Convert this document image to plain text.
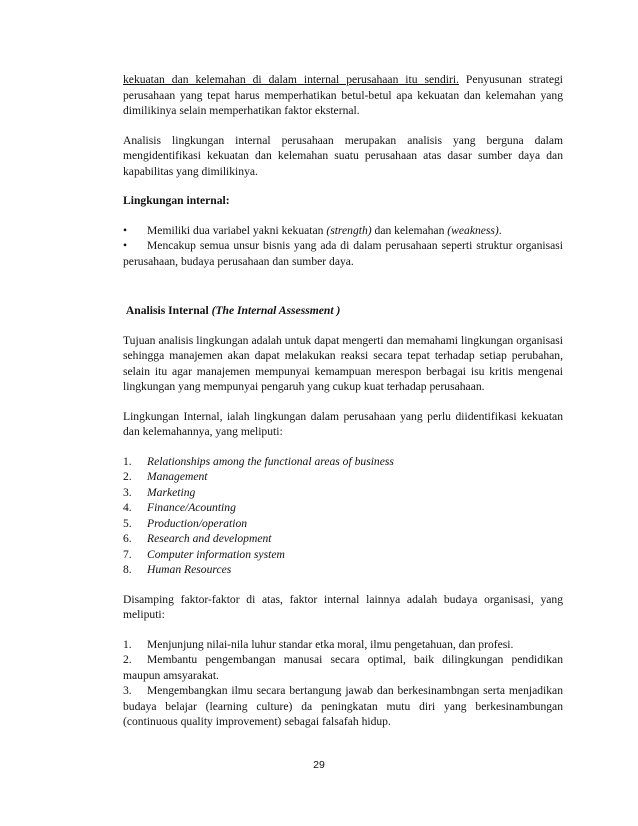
kekuatan dan kelemahan di dalam internal perusahaan itu sendiri. Penyusunan strategi perusahaan yang tepat harus memperhatikan betul-betul apa kekuatan dan kelemahan yang dimilikinya selain memperhatikan faktor eksternal.

Analisis lingkungan internal perusahaan merupakan analisis yang berguna dalam mengidentifikasi kekuatan dan kelemahan suatu perusahaan atas dasar sumber daya dan kapabilitas yang dimilikinya.

Lingkungan internal:
• Memiliki dua variabel yakni kekuatan (strength) dan kelemahan (weakness).
• Mencakup semua unsur bisnis yang ada di dalam perusahaan seperti struktur organisasi perusahaan, budaya perusahaan dan sumber daya.
Analisis Internal (The Internal Assessment )

Tujuan analisis lingkungan adalah untuk dapat mengerti dan memahami lingkungan organisasi sehingga manajemen akan dapat melakukan reaksi secara tepat terhadap setiap perubahan, selain itu agar manajemen mempunyai kemampuan merespon berbagai isu kritis mengenai lingkungan yang mempunyai pengaruh yang cukup kuat terhadap perusahaan.

Lingkungan Internal, ialah lingkungan dalam perusahaan yang perlu diidentifikasi kekuatan dan kelemahannya, yang meliputi:

1.	Relationships among the functional areas of business
2.	Management
3.	Marketing
4.	Finance/Acounting
5.	Production/operation
6.	Research and development
7.	Computer information system
8.	Human Resources

Disamping faktor-faktor di atas, faktor internal lainnya adalah budaya organisasi, yang meliputi:

1. Menjunjung nilai-nila luhur standar etka moral, ilmu pengetahuan, dan profesi.
2. Membantu pengembangan manusai secara optimal, baik dilingkungan pendidikan maupun amsyarakat.
3. Mengembangkan ilmu secara bertangung jawab dan berkesinambngan serta menjadikan budaya belajar (learning culture) da peningkatan mutu diri yang berkesinambungan (continuous quality improvement) sebagai falsafah hidup.
29
